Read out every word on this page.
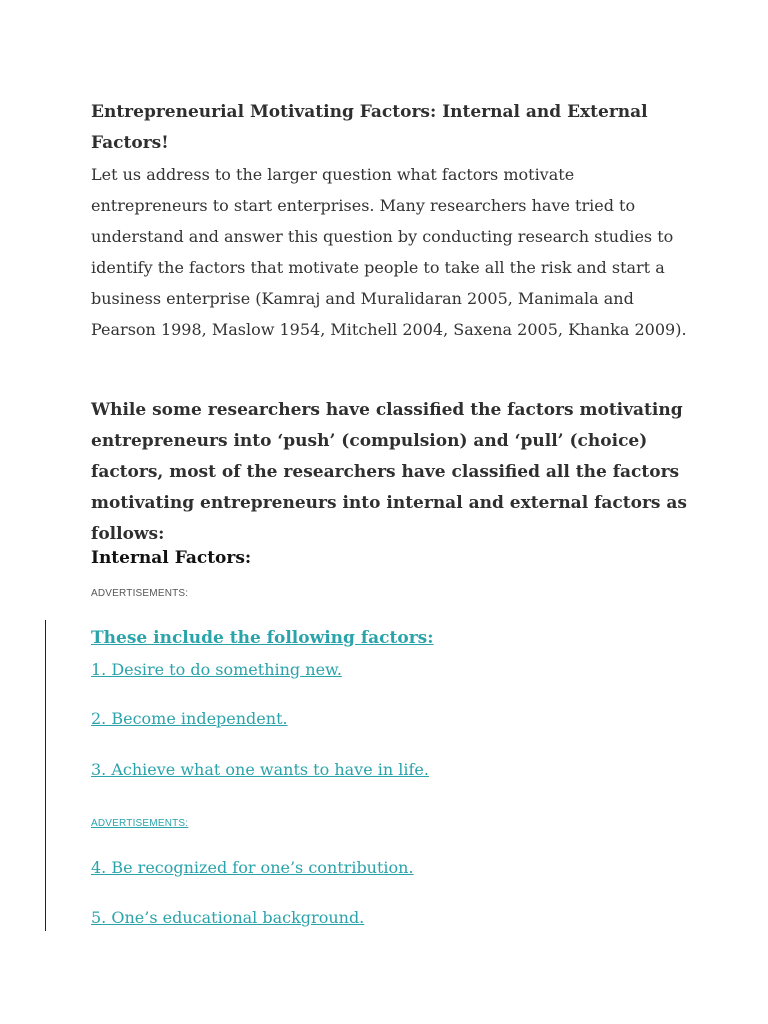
Entrepreneurial Motivating Factors: Internal and External Factors!

Let us address to the larger question what factors motivate entrepreneurs to start enterprises. Many researchers have tried to understand and answer this question by conducting research studies to identify the factors that motivate people to take all the risk and start a business enterprise (Kamraj and Muralidaran 2005, Manimala and Pearson 1998, Maslow 1954, Mitchell 2004, Saxena 2005, Khanka 2009).

While some researchers have classified the factors motivating entrepreneurs into ‘push’ (compulsion) and ‘pull’ (choice) factors, most of the researchers have classified all the factors motivating entrepreneurs into internal and external factors as follows:

Internal Factors:

ADVERTISEMENTS:

These include the following factors:
1. Desire to do something new.
2. Become independent.
3. Achieve what one wants to have in life.
ADVERTISEMENTS:
4. Be recognized for one’s contribution.
5. One’s educational background.
